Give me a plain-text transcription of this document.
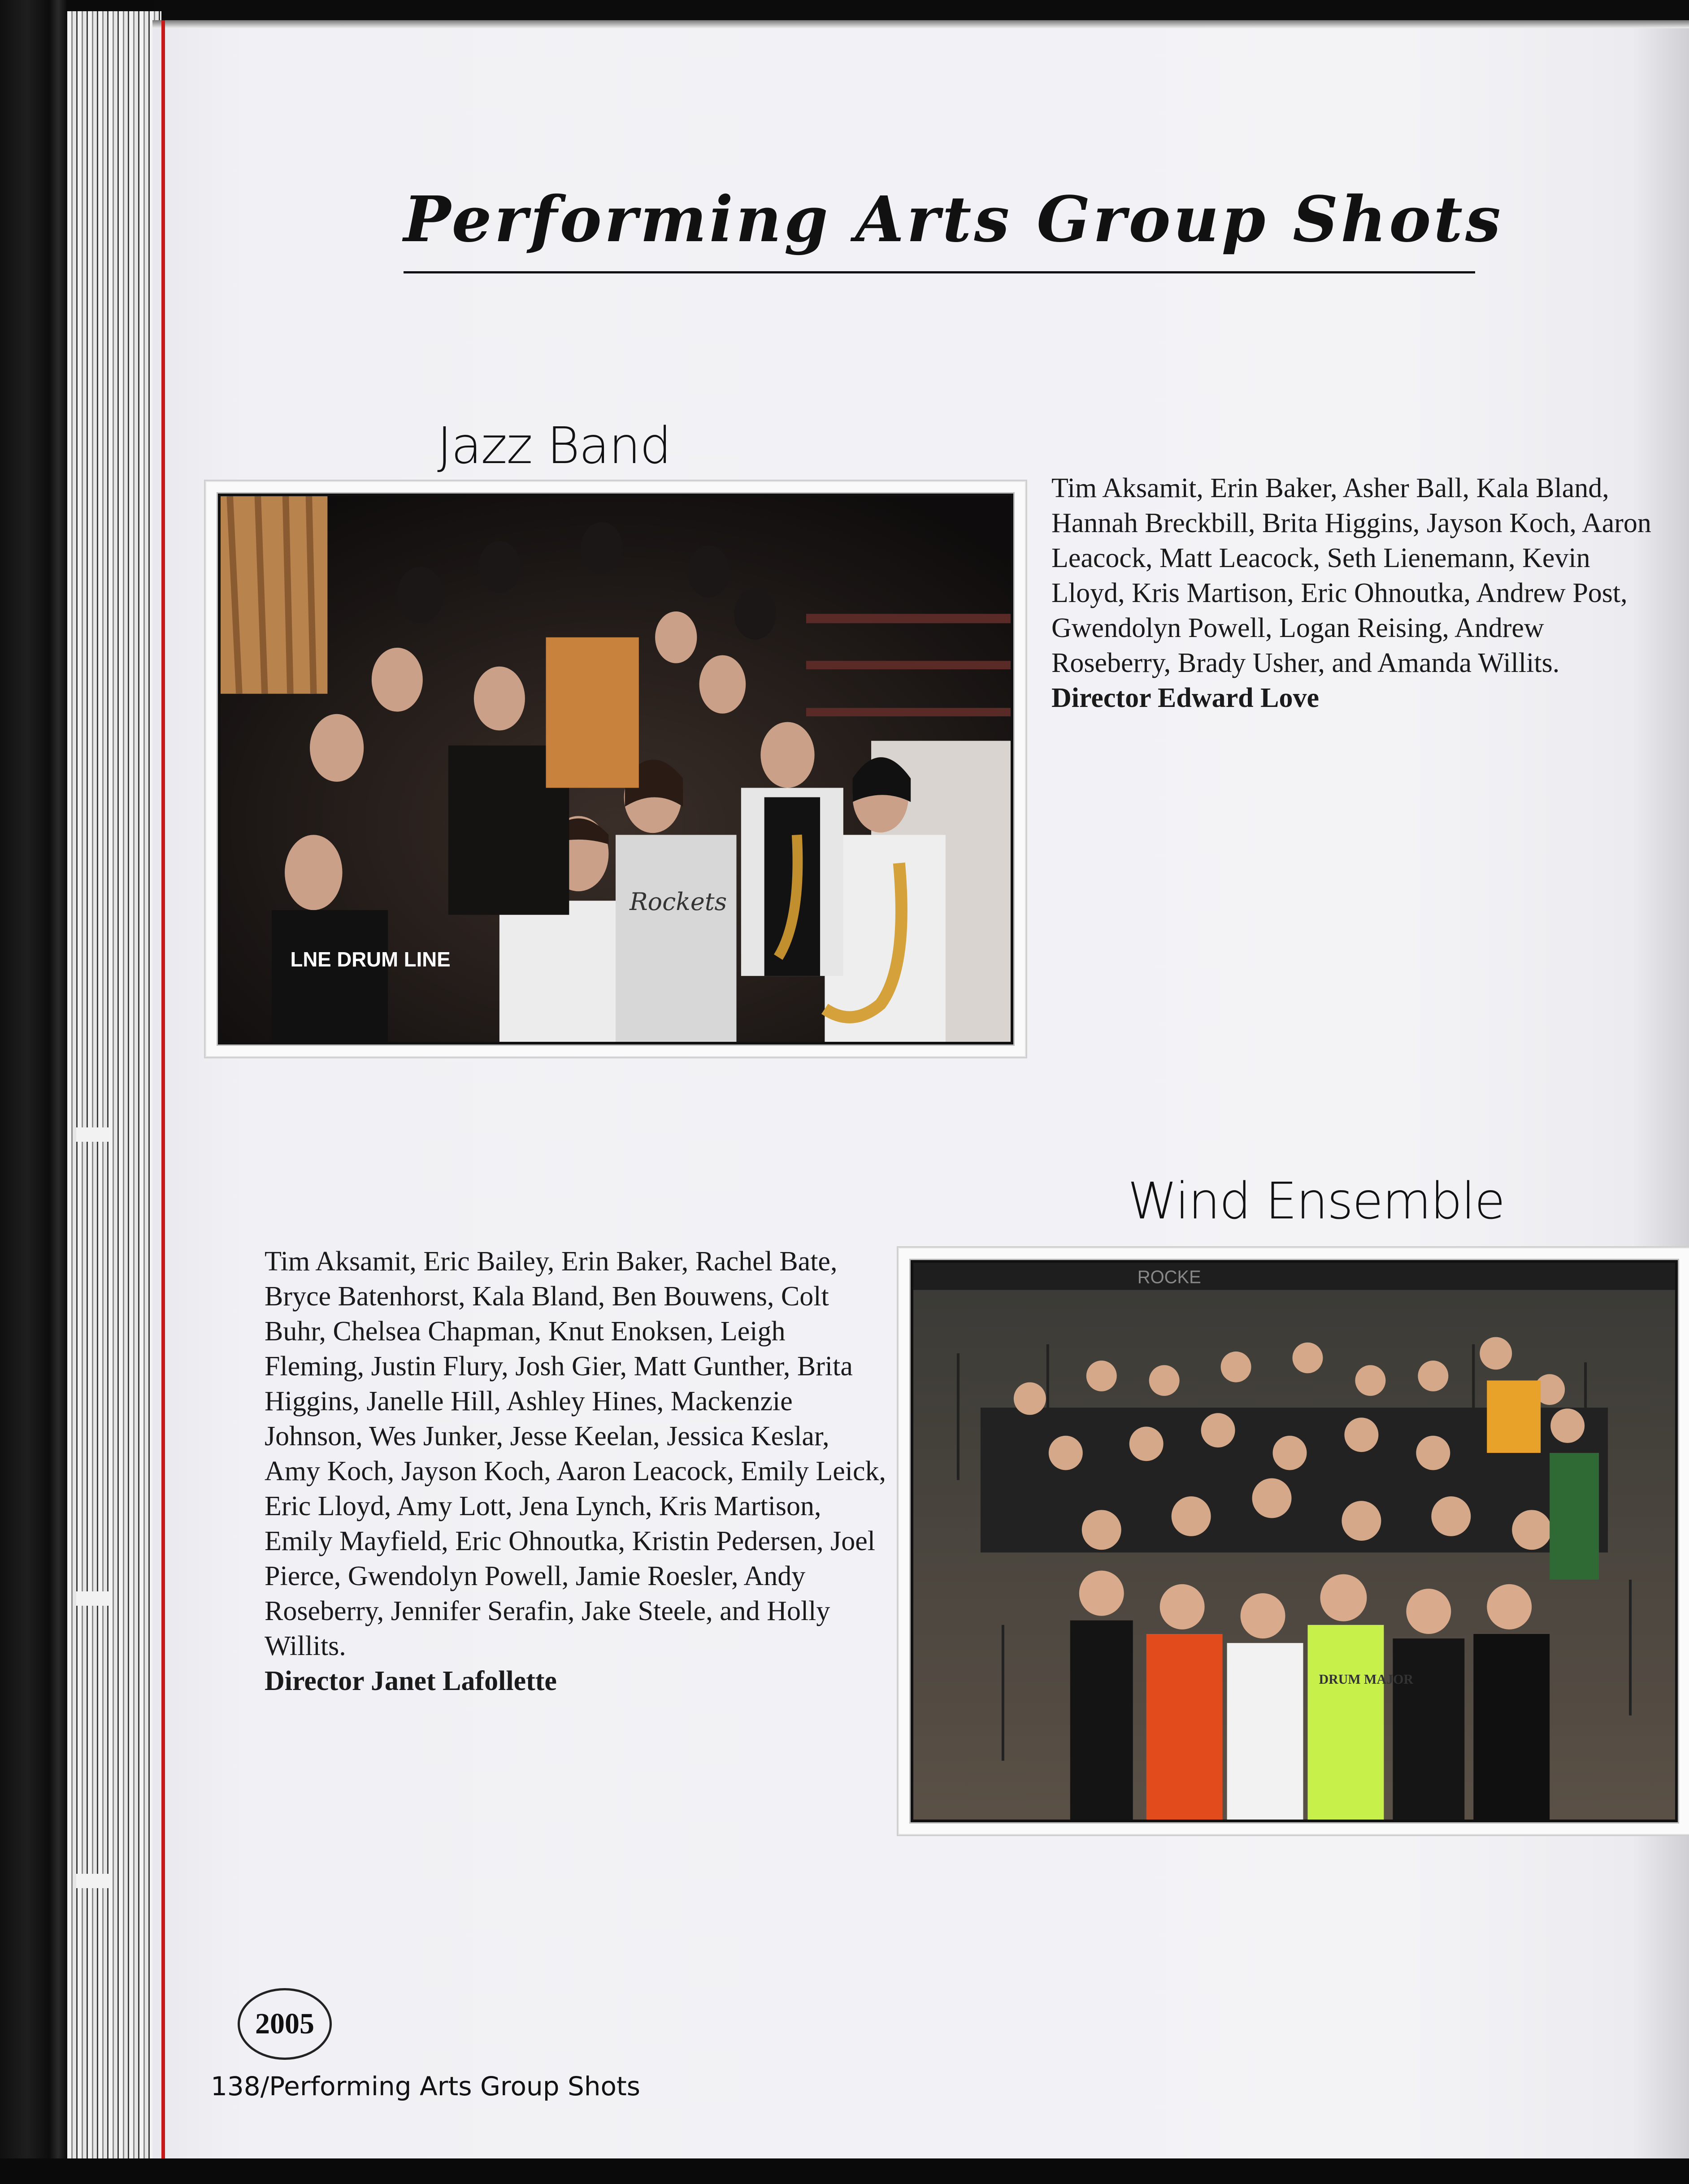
Performing Arts Group Shots
Jazz Band
LNE DRUM LINE
Rockets
Tim Aksamit, Erin Baker, Asher Ball, Kala Bland, Hannah Breckbill, Brita Higgins, Jayson Koch, Aaron Leacock, Matt Leacock, Seth Lienemann, Kevin Lloyd, Kris Martison, Eric Ohnoutka, Andrew Post, Gwendolyn Powell, Logan Reising, Andrew Roseberry, Brady Usher, and Amanda Willits.
Director Edward Love
Wind Ensemble
ROCKE
DRUM MAJOR
Tim Aksamit, Eric Bailey, Erin Baker, Rachel Bate, Bryce Batenhorst, Kala Bland, Ben Bouwens, Colt Buhr, Chelsea Chapman, Knut Enoksen, Leigh Fleming, Justin Flury, Josh Gier, Matt Gunther, Brita Higgins, Janelle Hill, Ashley Hines, Mackenzie Johnson, Wes Junker, Jesse Keelan, Jessica Keslar, Amy Koch, Jayson Koch, Aaron Leacock, Emily Leick, Eric Lloyd, Amy Lott, Jena Lynch, Kris Martison, Emily Mayfield, Eric Ohnoutka, Kristin Pedersen, Joel Pierce, Gwendolyn Powell, Jamie Roesler, Andy Roseberry, Jennifer Serafin, Jake Steele, and Holly Willits.
Director Janet Lafollette
2005
138/Performing Arts Group Shots
